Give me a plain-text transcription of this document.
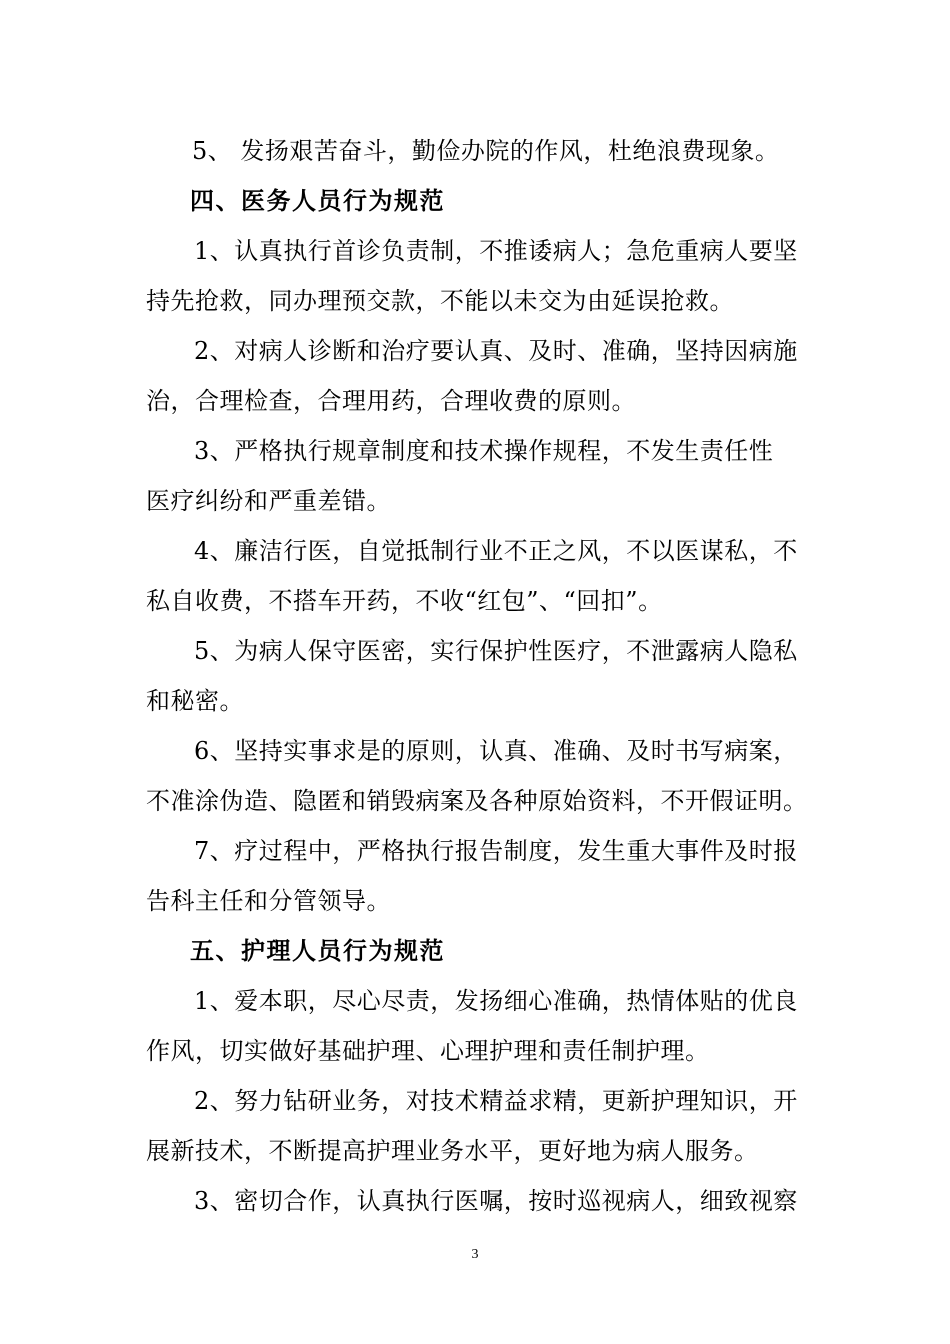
5、 发扬艰苦奋斗，勤俭办院的作风，杜绝浪费现象。
四、医务人员行为规范
1、认真执行首诊负责制，不推诿病人；急危重病人要坚
持先抢救，同办理预交款，不能以未交为由延误抢救。
2、对病人诊断和治疗要认真、及时、准确，坚持因病施
治，合理检查，合理用药，合理收费的原则。
3、严格执行规章制度和技术操作规程，不发生责任性
医疗纠纷和严重差错。
4、廉洁行医，自觉抵制行业不正之风，不以医谋私，不
私自收费，不搭车开药，不收“红包”、“回扣”。
5、为病人保守医密，实行保护性医疗，不泄露病人隐私
和秘密。
6、坚持实事求是的原则，认真、准确、及时书写病案，
不准涂伪造、隐匿和销毁病案及各种原始资料，不开假证明。
7、疗过程中，严格执行报告制度，发生重大事件及时报
告科主任和分管领导。
五、护理人员行为规范
1、爱本职，尽心尽责，发扬细心准确，热情体贴的优良
作风，切实做好基础护理、心理护理和责任制护理。
2、努力钻研业务，对技术精益求精，更新护理知识，开
展新技术，不断提高护理业务水平，更好地为病人服务。
3、密切合作，认真执行医嘱，按时巡视病人，细致视察
3
